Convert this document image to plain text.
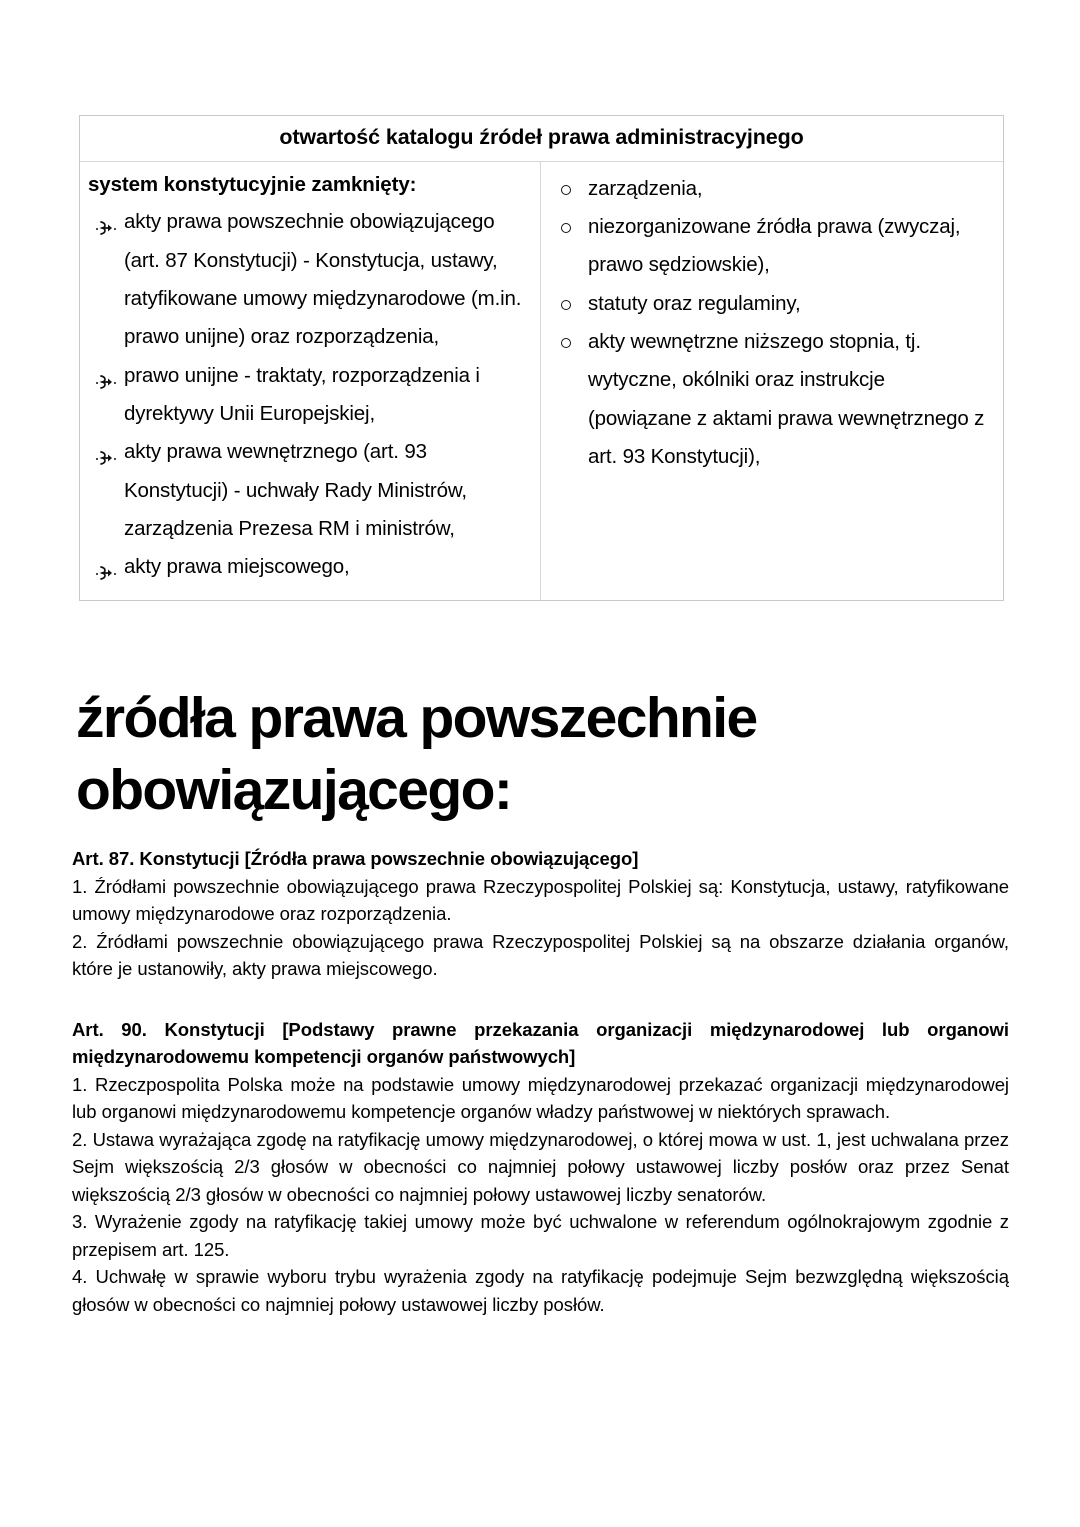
otwartość katalogu źródeł prawa administracyjnego
system konstytucyjnie zamknięty:
akty prawa powszechnie obowiązującego (art. 87 Konstytucji) - Konstytucja, ustawy, ratyfikowane umowy międzynarodowe (m.in. prawo unijne) oraz rozporządzenia,
prawo unijne - traktaty, rozporządzenia i dyrektywy Unii Europejskiej,
akty prawa wewnętrznego (art. 93 Konstytucji) - uchwały Rady Ministrów, zarządzenia Prezesa RM i ministrów,
akty prawa miejscowego,
zarządzenia,
niezorganizowane źródła prawa (zwyczaj, prawo sędziowskie),
statuty oraz regulaminy,
akty wewnętrzne niższego stopnia, tj. wytyczne, okólniki oraz instrukcje (powiązane z aktami prawa wewnętrznego z art. 93 Konstytucji),
źródła prawa powszechnie
obowiązującego:
Art. 87. Konstytucji [Źródła prawa powszechnie obowiązującego]
1. Źródłami powszechnie obowiązującego prawa Rzeczypospolitej Polskiej są: Konstytucja, ustawy, ratyfikowane umowy międzynarodowe oraz rozporządzenia.
2. Źródłami powszechnie obowiązującego prawa Rzeczypospolitej Polskiej są na obszarze działania organów, które je ustanowiły, akty prawa miejscowego.
Art. 90. Konstytucji [Podstawy prawne przekazania organizacji międzynarodowej lub organowi międzynarodowemu kompetencji organów państwowych]
1. Rzeczpospolita Polska może na podstawie umowy międzynarodowej przekazać organizacji międzynarodowej lub organowi międzynarodowemu kompetencje organów władzy państwowej w niektórych sprawach.
2. Ustawa wyrażająca zgodę na ratyfikację umowy międzynarodowej, o której mowa w ust. 1, jest uchwalana przez Sejm większością 2/3 głosów w obecności co najmniej połowy ustawowej liczby posłów oraz przez Senat większością 2/3 głosów w obecności co najmniej połowy ustawowej liczby senatorów.
3. Wyrażenie zgody na ratyfikację takiej umowy może być uchwalone w referendum ogólnokrajowym zgodnie z przepisem art. 125.
4. Uchwałę w sprawie wyboru trybu wyrażenia zgody na ratyfikację podejmuje Sejm bezwzględną większością głosów w obecności co najmniej połowy ustawowej liczby posłów.
